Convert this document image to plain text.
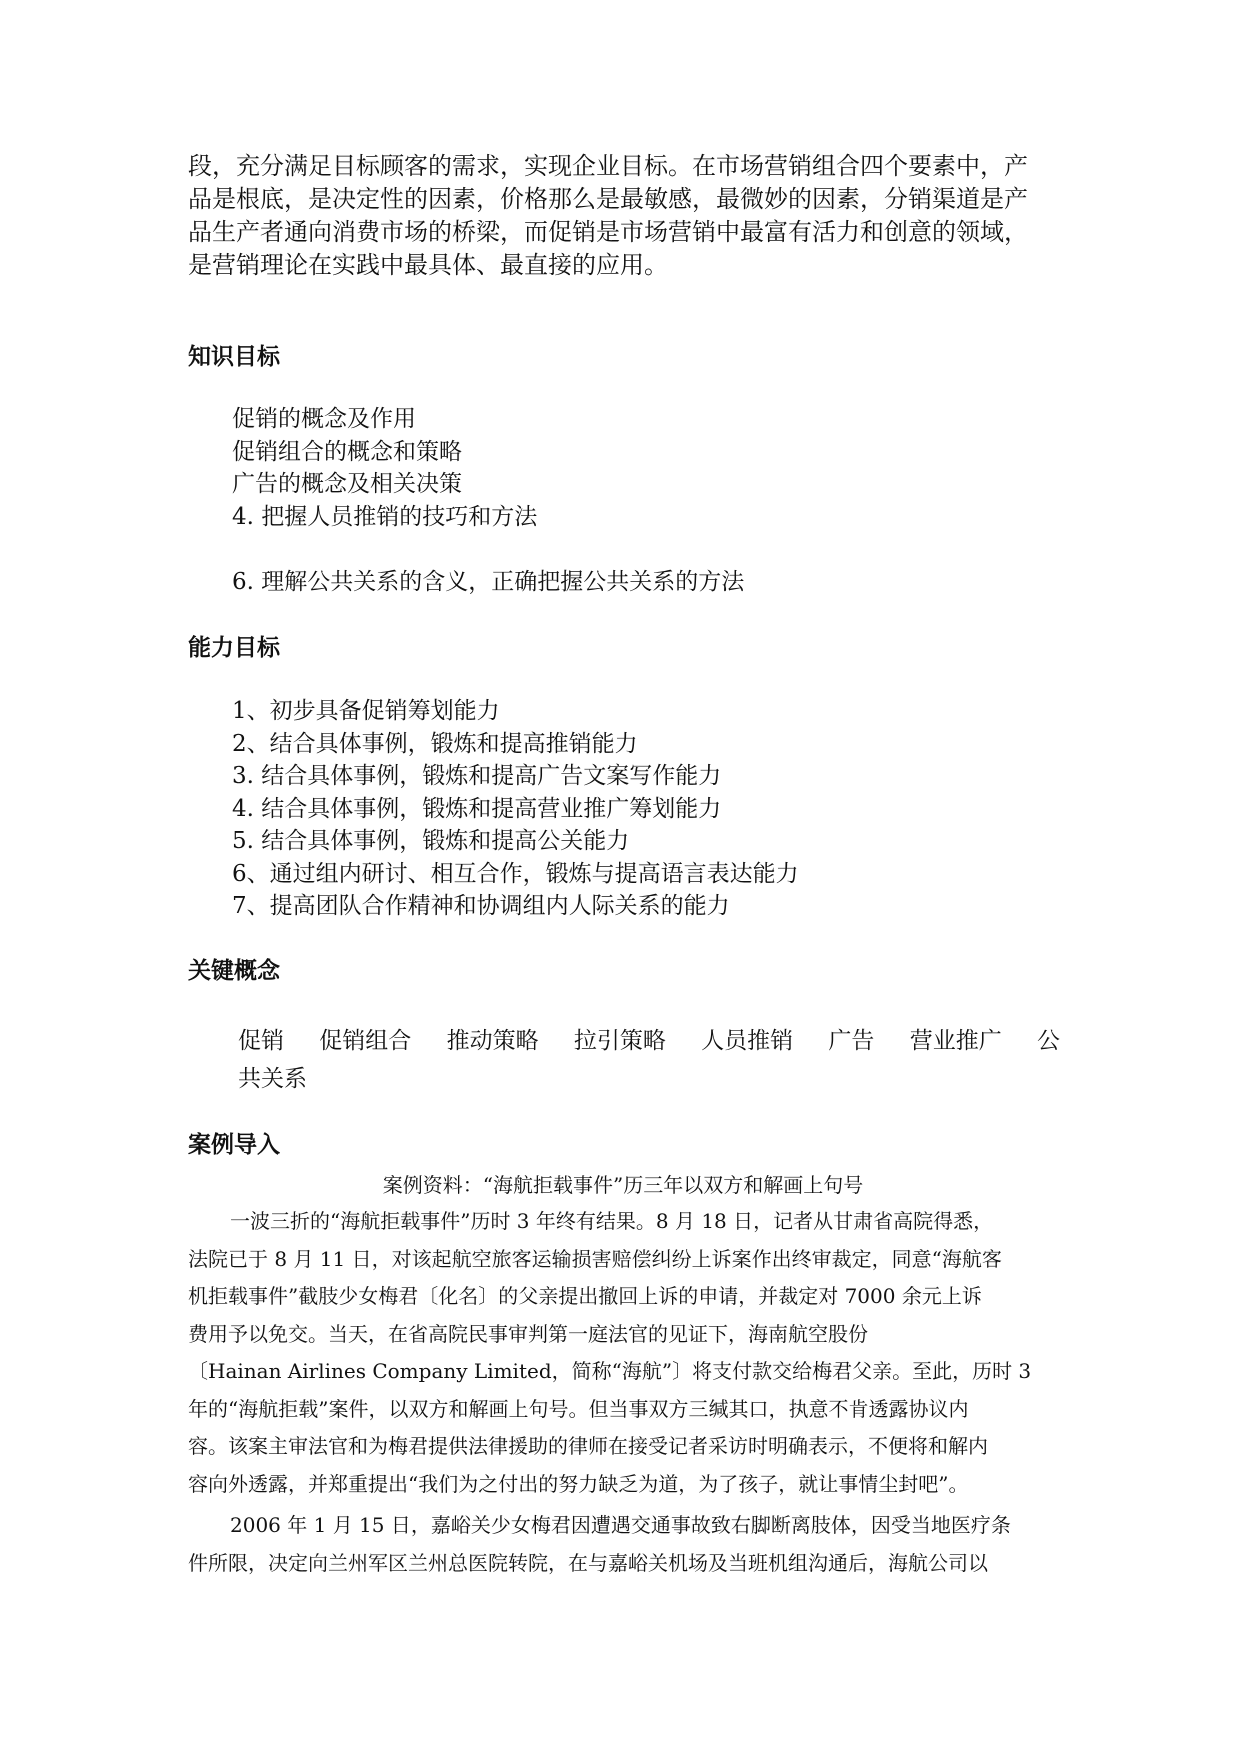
段，充分满足目标顾客的需求，实现企业目标。在市场营销组合四个要素中，产
品是根底，是决定性的因素，价格那么是最敏感，最微妙的因素，分销渠道是产
品生产者通向消费市场的桥梁，而促销是市场营销中最富有活力和创意的领域，
是营销理论在实践中最具体、最直接的应用。
知识目标
促销的概念及作用
促销组合的概念和策略
广告的概念及相关决策
4. 把握人员推销的技巧和方法
6. 理解公共关系的含义，正确把握公共关系的方法
能力目标
1、初步具备促销筹划能力
2、结合具体事例，锻炼和提高推销能力
3. 结合具体事例，锻炼和提高广告文案写作能力
4. 结合具体事例，锻炼和提高营业推广筹划能力
5. 结合具体事例，锻炼和提高公关能力
6、通过组内研讨、相互合作，锻炼与提高语言表达能力
7、提高团队合作精神和协调组内人际关系的能力
关键概念
促销 促销组合 推动策略 拉引策略 人员推销 广告 营业推广 公
共关系
案例导入
案例资料：“海航拒载事件”历三年以双方和解画上句号
一波三折的“海航拒载事件”历时 3 年终有结果。8 月 18 日，记者从甘肃省高院得悉，
法院已于 8 月 11 日，对该起航空旅客运输损害赔偿纠纷上诉案作出终审裁定，同意“海航客
机拒载事件”截肢少女梅君〔化名〕的父亲提出撤回上诉的申请，并裁定对 7000 余元上诉
费用予以免交。当天，在省高院民事审判第一庭法官的见证下，海南航空股份
〔Hainan Airlines Company Limited，简称“海航”〕将支付款交给梅君父亲。至此，历时 3
年的“海航拒载”案件，以双方和解画上句号。但当事双方三缄其口，执意不肯透露协议内
容。该案主审法官和为梅君提供法律援助的律师在接受记者采访时明确表示，不便将和解内
容向外透露，并郑重提出“我们为之付出的努力缺乏为道，为了孩子，就让事情尘封吧”。
2006 年 1 月 15 日，嘉峪关少女梅君因遭遇交通事故致右脚断离肢体，因受当地医疗条
件所限，决定向兰州军区兰州总医院转院，在与嘉峪关机场及当班机组沟通后，海航公司以
